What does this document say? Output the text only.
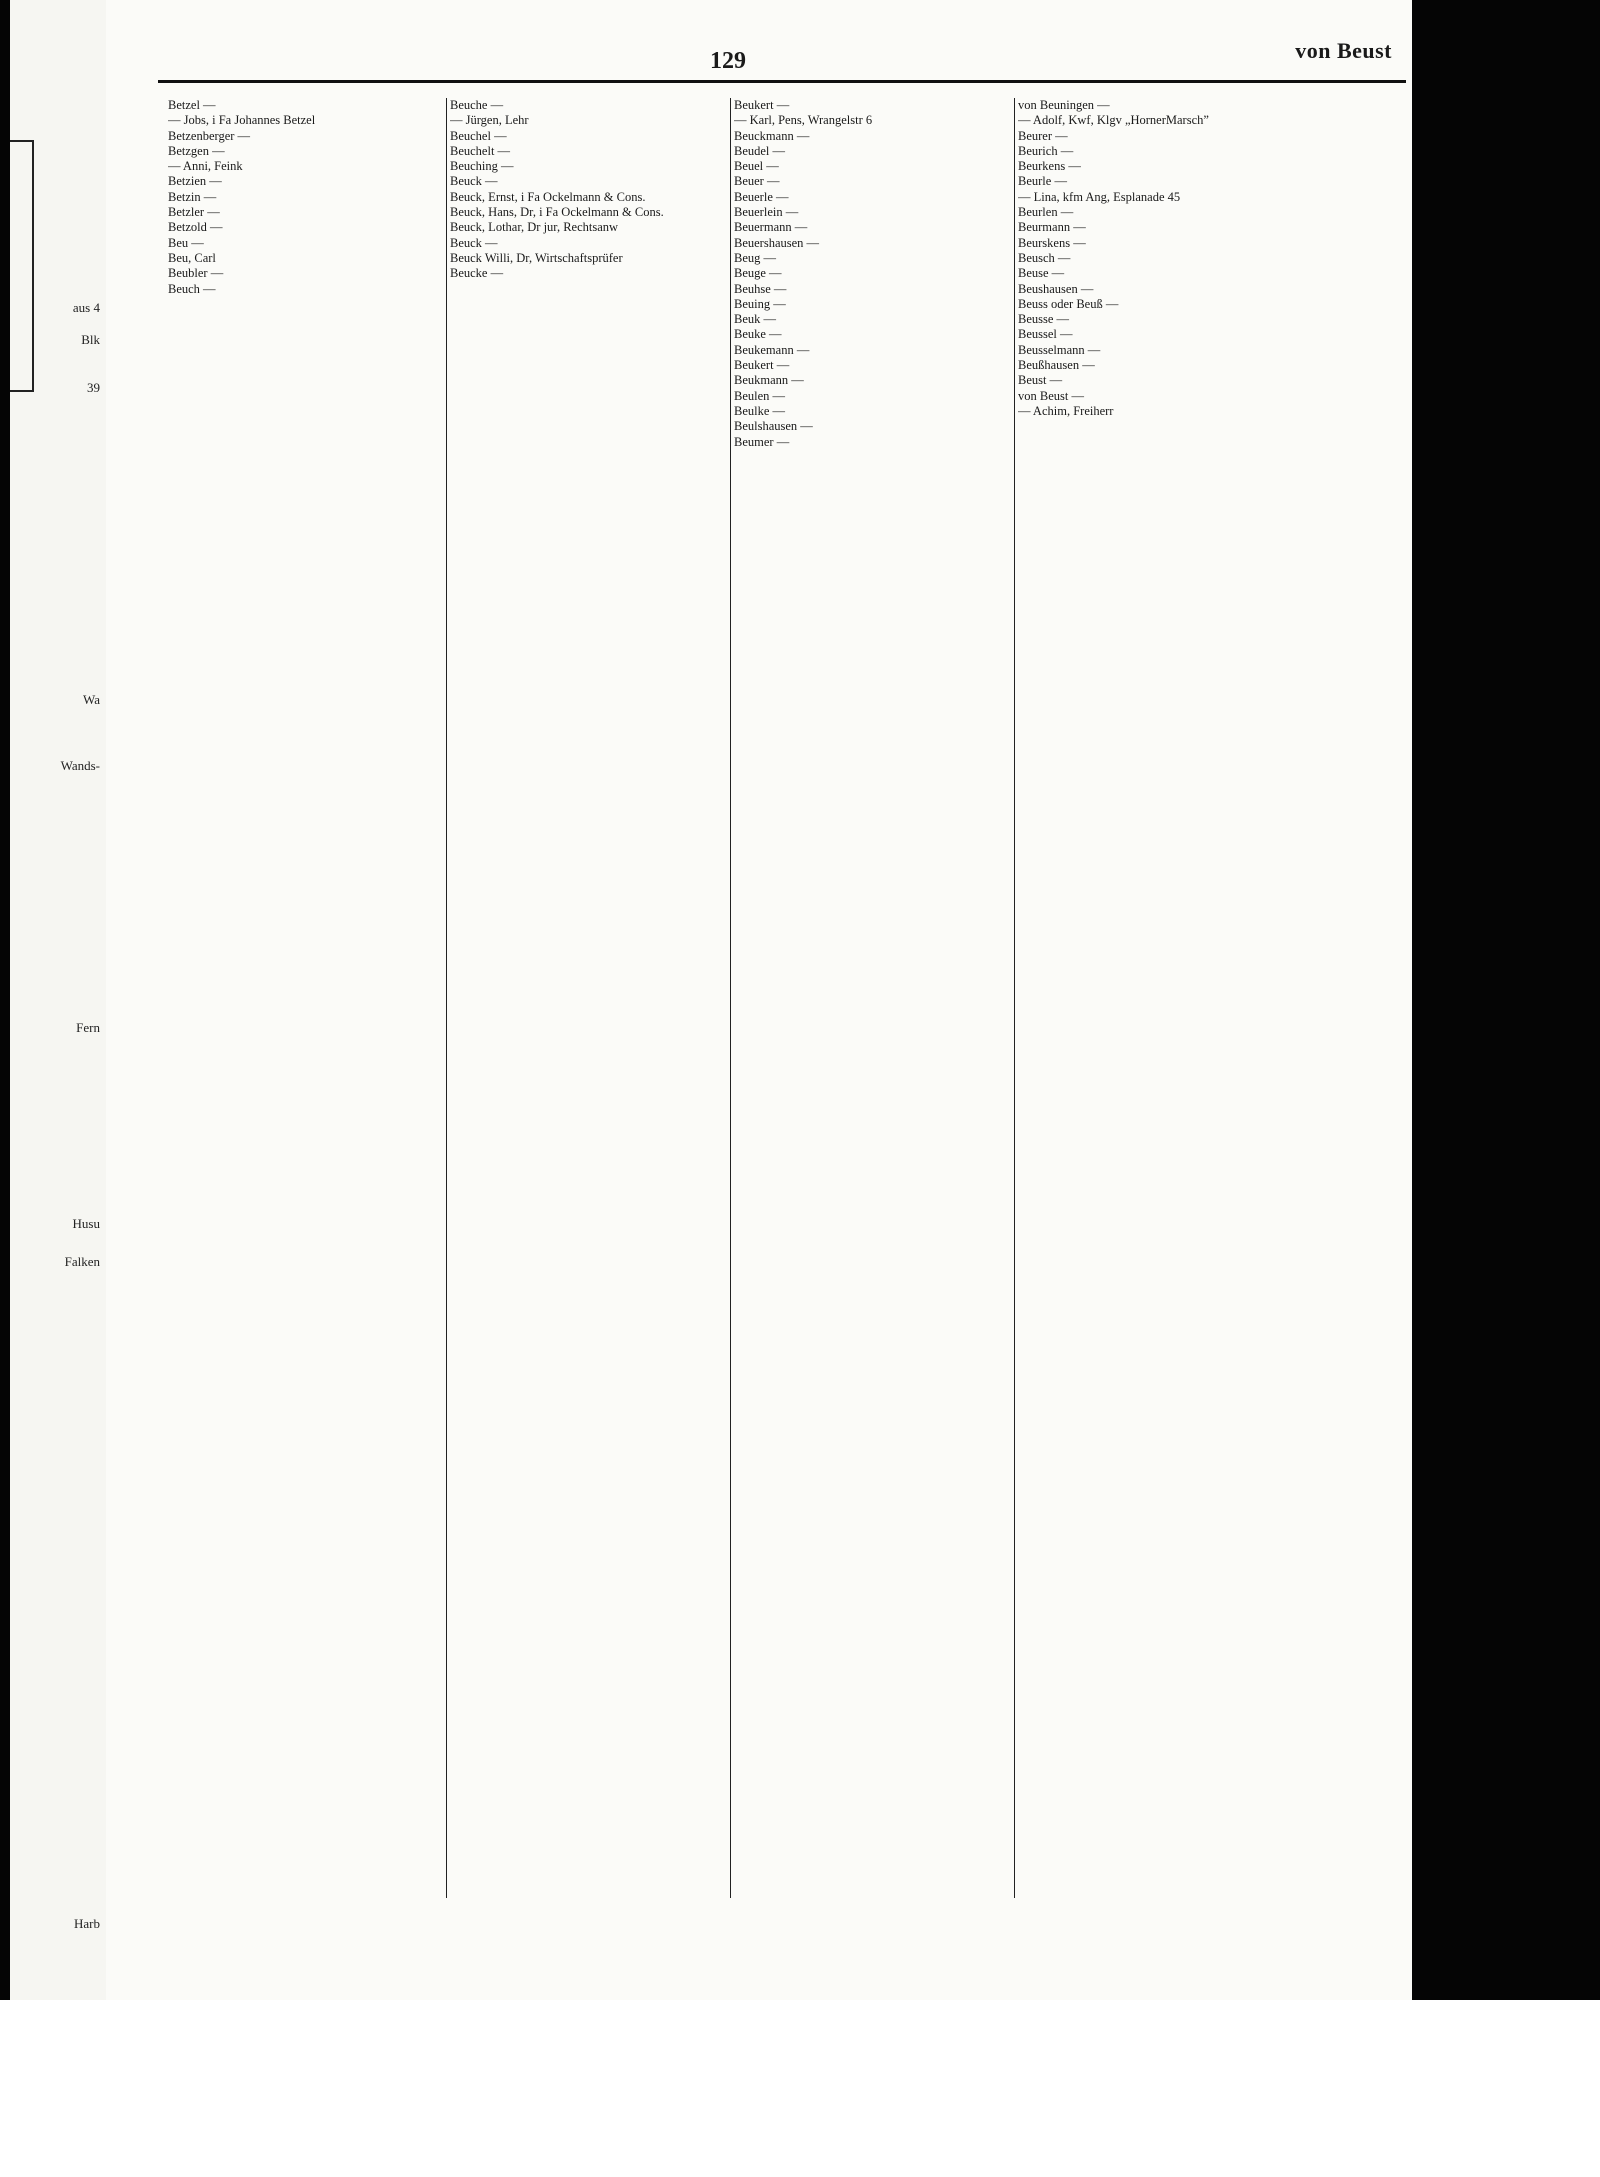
aus 4
Blk
39
Wa
Wands-
Fern
Husu
Falken
Harb
129	von Beust

Betzel —

— Jobs, i Fa Johannes Betzel

Betzenberger —

Betzgen —

— Anni, Feink

Betzien —

Betzin —

Betzler —

Betzold —

Beu —

Beu, Carl

Beubler —

Beuch —

Beuche —

— Jürgen, Lehr

Beuchel —

Beuchelt —

Beuching —

Beuck —

Beuck, Ernst, i Fa Ockelmann & Cons.

Beuck, Hans, Dr, i Fa Ockelmann & Cons.

Beuck, Lothar, Dr jur, Rechtsanw

Beuck —

Beuck Willi, Dr, Wirtschaftsprüfer

Beucke —

Beukert —

— Karl, Pens, Wrangelstr 6

Beuckmann —

Beudel —

Beuel —

Beuer —

Beuerle —

Beuerlein —

Beuermann —

Beuershausen —

Beug —

Beuge —

Beuhse —

Beuing —

Beuk —

Beuke —

Beukemann —

Beukert —

Beukmann —

Beulen —

Beulke —

Beulshausen —

Beumer —

von Beuningen —

— Adolf, Kwf, Klgv „HornerMarsch”

Beurer —

Beurich —

Beurkens —

Beurle —

— Lina, kfm Ang, Esplanade 45

Beurlen —

Beurmann —

Beurskens —

Beusch —

Beuse —

Beushausen —

Beuss oder Beuß —

Beusse —

Beussel —

Beusselmann —

Beußhausen —

Beust —

von Beust —

— Achim, Freiherr
